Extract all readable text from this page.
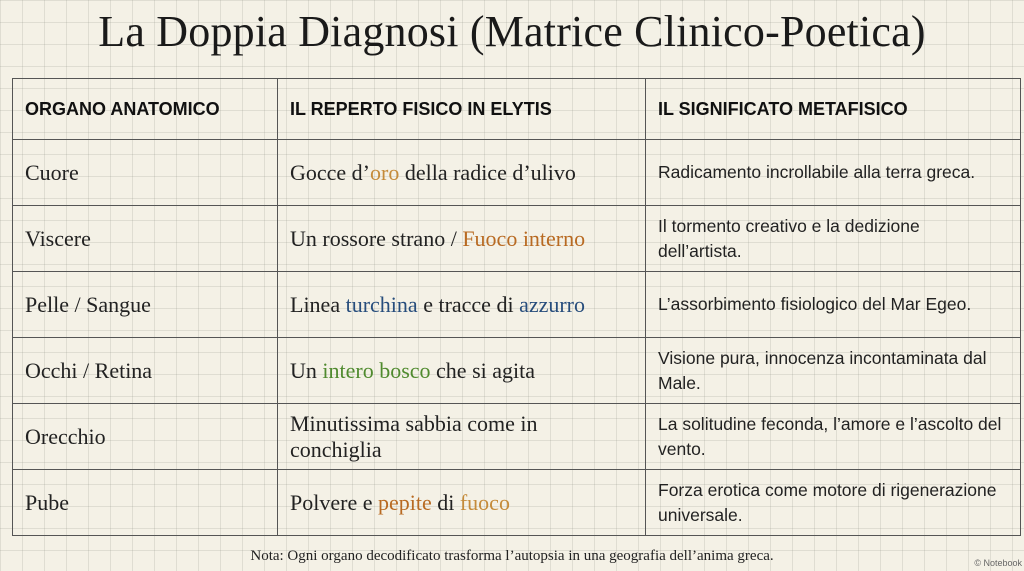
La Doppia Diagnosi (Matrice Clinico-Poetica)
ORGANO ANATOMICO	IL REPERTO FISICO IN ELYTIS	IL SIGNIFICATO METAFISICO
Cuore	Gocce d’oro della radice d’ulivo	Radicamento incrollabile alla terra greca.
Viscere	Un rossore strano / Fuoco interno	Il tormento creativo e la dedizione dell’artista.
Pelle / Sangue	Linea turchina e tracce di azzurro	L’assorbimento fisiologico del Mar Egeo.
Occhi / Retina	Un intero bosco che si agita	Visione pura, innocenza incontaminata dal Male.
Orecchio	Minutissima sabbia come in conchiglia	La solitudine feconda, l’amore e l’ascolto del vento.
Pube	Polvere e pepite di fuoco	Forza erotica come motore di rigenerazione universale.
Nota: Ogni organo decodificato trasforma l’autopsia in una geografia dell’anima greca.	© Notebook
